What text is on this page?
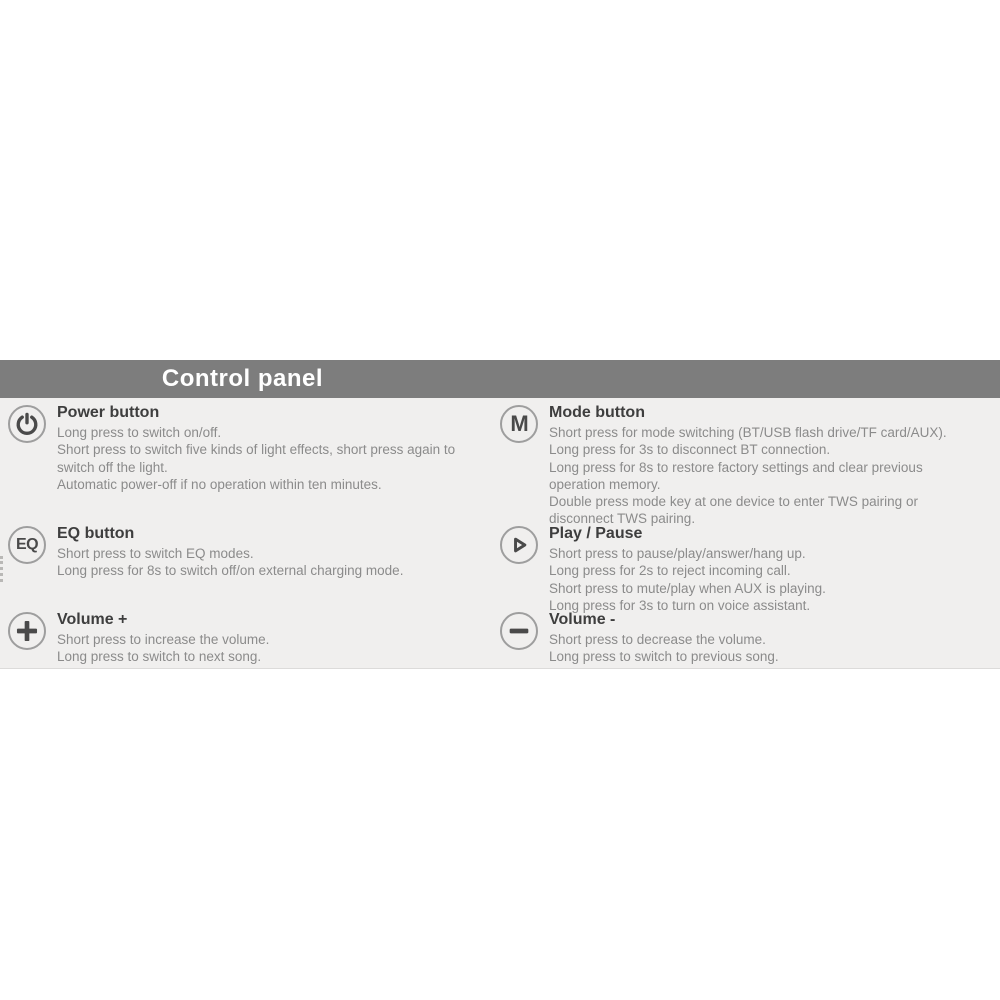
Control panel
Power button
Long press to switch on/off.
Short press to switch five kinds of light effects, short press again to switch off the light.
Automatic power-off if no operation within ten minutes.
EQ
EQ button
Short press to switch EQ modes.
Long press for 8s to switch off/on external charging mode.
Volume +
Short press to increase the volume.
Long press to switch to next song.
M Mode button
Short press for mode switching (BT/USB flash drive/TF card/AUX).
Long press for 3s to disconnect BT connection.
Long press for 8s to restore factory settings and clear previous operation memory.
Double press mode key at one device to enter TWS pairing or disconnect TWS pairing.
Play / Pause
Short press to pause/play/answer/hang up.
Long press for 2s to reject incoming call.
Short press to mute/play when AUX is playing.
Long press for 3s to turn on voice assistant.
Volume -
Short press to decrease the volume.
Long press to switch to previous song.
